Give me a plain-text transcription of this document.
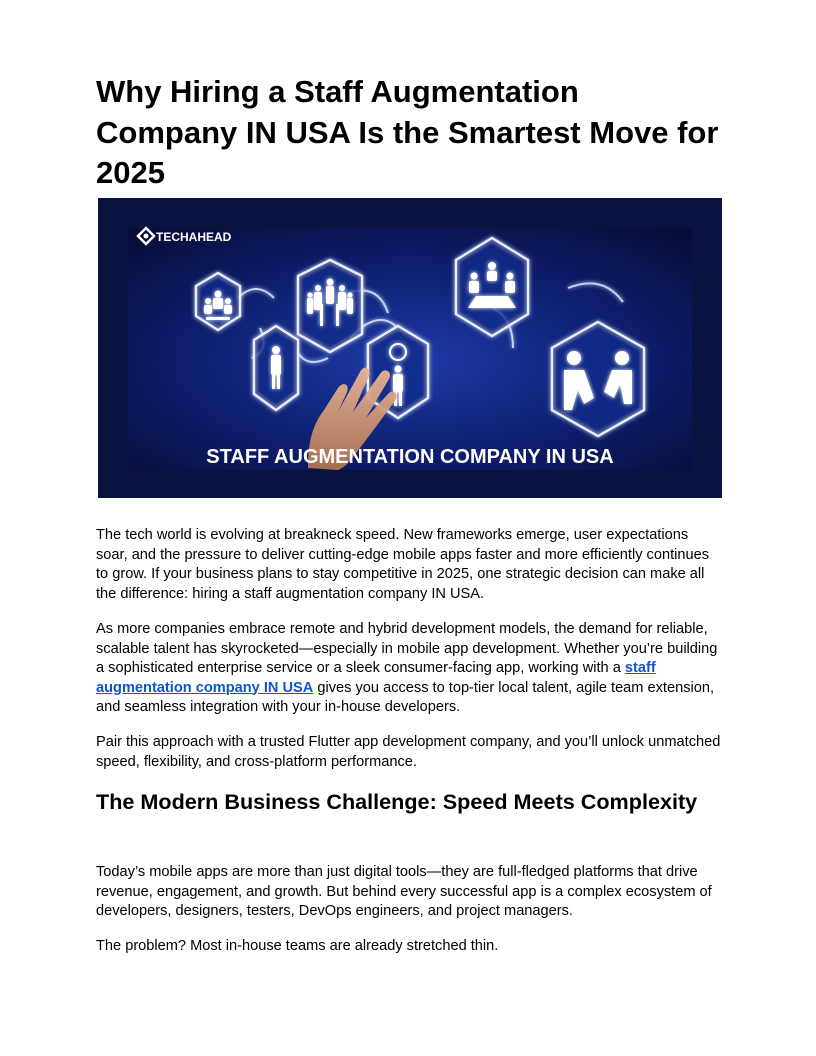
Why Hiring a Staff Augmentation Company IN USA Is the Smartest Move for 2025
TECHAHEAD
STAFF AUGMENTATION COMPANY IN USA

The tech world is evolving at breakneck speed. New frameworks emerge, user expectations soar, and the pressure to deliver cutting-edge mobile apps faster and more efficiently continues to grow. If your business plans to stay competitive in 2025, one strategic decision can make all the difference: hiring a staff augmentation company IN USA.

As more companies embrace remote and hybrid development models, the demand for reliable, scalable talent has skyrocketed—especially in mobile app development. Whether you’re building a sophisticated enterprise service or a sleek consumer-facing app, working with a staff augmentation company IN USA gives you access to top-tier local talent, agile team extension, and seamless integration with your in-house developers.

Pair this approach with a trusted Flutter app development company, and you’ll unlock unmatched speed, flexibility, and cross-platform performance.

The Modern Business Challenge: Speed Meets Complexity

Today’s mobile apps are more than just digital tools—they are full-fledged platforms that drive revenue, engagement, and growth. But behind every successful app is a complex ecosystem of developers, designers, testers, DevOps engineers, and project managers.

The problem? Most in-house teams are already stretched thin.
